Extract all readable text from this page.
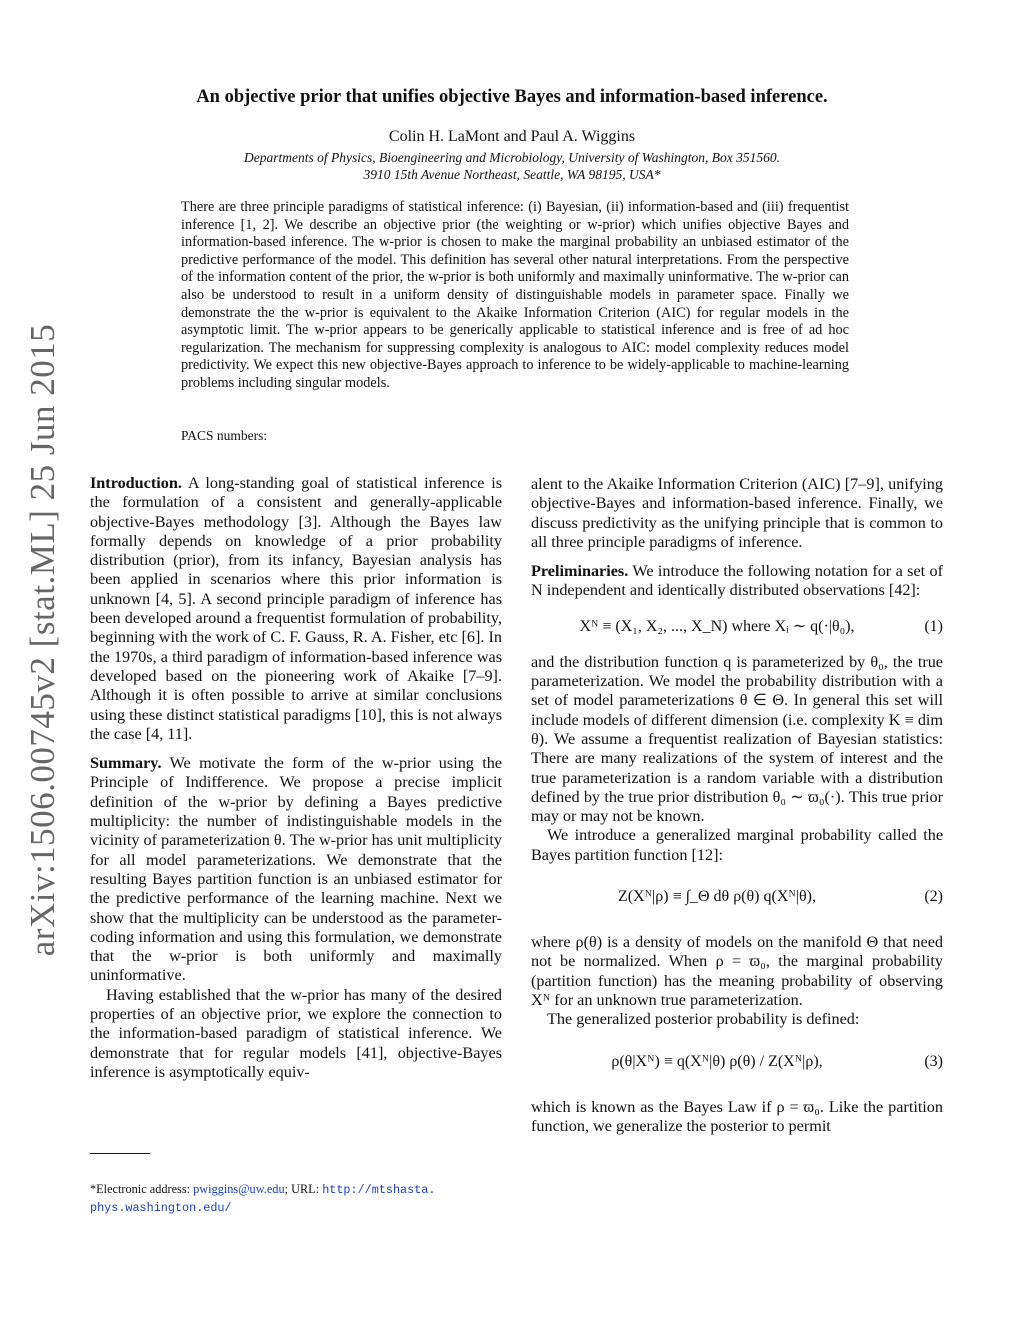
arXiv:1506.00745v2 [stat.ML] 25 Jun 2015
An objective prior that unifies objective Bayes and information-based inference.
Colin H. LaMont and Paul A. Wiggins
Departments of Physics, Bioengineering and Microbiology, University of Washington, Box 351560.
3910 15th Avenue Northeast, Seattle, WA 98195, USA*

There are three principle paradigms of statistical inference: (i) Bayesian, (ii) information-based and (iii) frequentist inference [1, 2]. We describe an objective prior (the weighting or w-prior) which unifies objective Bayes and information-based inference. The w-prior is chosen to make the marginal probability an unbiased estimator of the predictive performance of the model. This definition has several other natural interpretations. From the perspective of the information content of the prior, the w-prior is both uniformly and maximally uninformative. The w-prior can also be understood to result in a uniform density of distinguishable models in parameter space. Finally we demonstrate the the w-prior is equivalent to the Akaike Information Criterion (AIC) for regular models in the asymptotic limit. The w-prior appears to be generically applicable to statistical inference and is free of ad hoc regularization. The mechanism for suppressing complexity is analogous to AIC: model complexity reduces model predictivity. We expect this new objective-Bayes approach to inference to be widely-applicable to machine-learning problems including singular models.

PACS numbers:

Introduction. A long-standing goal of statistical inference is the formulation of a consistent and generally-applicable objective-Bayes methodology [3]. Although the Bayes law formally depends on knowledge of a prior probability distribution (prior), from its infancy, Bayesian analysis has been applied in scenarios where this prior information is unknown [4, 5]. A second principle paradigm of inference has been developed around a frequentist formulation of probability, beginning with the work of C. F. Gauss, R. A. Fisher, etc [6]. In the 1970s, a third paradigm of information-based inference was developed based on the pioneering work of Akaike [7–9]. Although it is often possible to arrive at similar conclusions using these distinct statistical paradigms [10], this is not always the case [4, 11].

Summary. We motivate the form of the w-prior using the Principle of Indifference. We propose a precise implicit definition of the w-prior by defining a Bayes predictive multiplicity: the number of indistinguishable models in the vicinity of parameterization θ. The w-prior has unit multiplicity for all model parameterizations. We demonstrate that the resulting Bayes partition function is an unbiased estimator for the predictive performance of the learning machine. Next we show that the multiplicity can be understood as the parameter-coding information and using this formulation, we demonstrate that the w-prior is both uniformly and maximally uninformative.

Having established that the w-prior has many of the desired properties of an objective prior, we explore the connection to the information-based paradigm of statistical inference. We demonstrate that for regular models [41], objective-Bayes inference is asymptotically equiv-

alent to the Akaike Information Criterion (AIC) [7–9], unifying objective-Bayes and information-based inference. Finally, we discuss predictivity as the unifying principle that is common to all three principle paradigms of inference.

Preliminaries. We introduce the following notation for a set of N independent and identically distributed observations [42]:

Xᴺ ≡ (X₁, X₂, ..., X_N) where Xᵢ ∼ q(·|θ₀),	(1)

and the distribution function q is parameterized by θ₀, the true parameterization. We model the probability distribution with a set of model parameterizations θ ∈ Θ. In general this set will include models of different dimension (i.e. complexity K ≡ dim θ). We assume a frequentist realization of Bayesian statistics: There are many realizations of the system of interest and the true parameterization is a random variable with a distribution defined by the true prior distribution θ₀ ∼ ϖ₀(·). This true prior may or may not be known.

We introduce a generalized marginal probability called the Bayes partition function [12]:

Z(Xᴺ|ρ) ≡ ∫_Θ dθ ρ(θ) q(Xᴺ|θ),	(2)

where ρ(θ) is a density of models on the manifold Θ that need not be normalized. When ρ = ϖ₀, the marginal probability (partition function) has the meaning probability of observing Xᴺ for an unknown true parameterization.

The generalized posterior probability is defined:

ρ(θ|Xᴺ) ≡ q(Xᴺ|θ) ρ(θ) / Z(Xᴺ|ρ),	(3)

which is known as the Bayes Law if ρ = ϖ₀. Like the partition function, we generalize the posterior to permit

*Electronic address: pwiggins@uw.edu; URL: http://mtshasta.
phys.washington.edu/
